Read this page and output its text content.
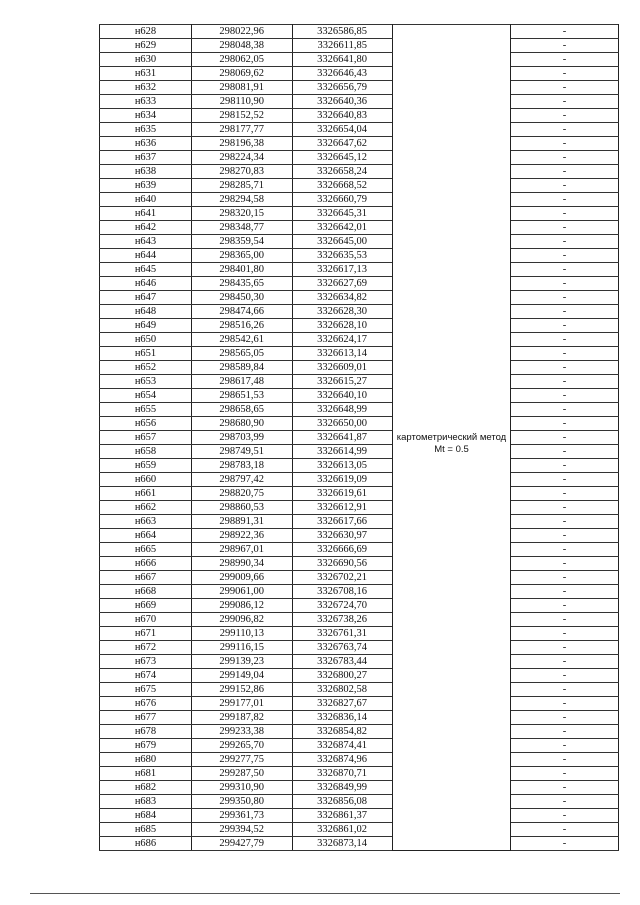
н628	298022,96	3326586,85		-
н629	298048,38	3326611,85	картометрический метод Mt = 0.5	-
н630	298062,05	3326641,80		-
н631	298069,62	3326646,43		-
н632	298081,91	3326656,79		-
н633	298110,90	3326640,36		-
н634	298152,52	3326640,83		-
н635	298177,77	3326654,04		-
н636	298196,38	3326647,62		-
н637	298224,34	3326645,12		-
н638	298270,83	3326658,24		-
н639	298285,71	3326668,52		-
н640	298294,58	3326660,79		-
н641	298320,15	3326645,31		-
н642	298348,77	3326642,01		-
н643	298359,54	3326645,00		-
н644	298365,00	3326635,53		-
н645	298401,80	3326617,13		-
н646	298435,65	3326627,69		-
н647	298450,30	3326634,82		-
н648	298474,66	3326628,30		-
н649	298516,26	3326628,10		-
н650	298542,61	3326624,17		-
н651	298565,05	3326613,14		-
н652	298589,84	3326609,01		-
н653	298617,48	3326615,27		-
н654	298651,53	3326640,10		-
н655	298658,65	3326648,99		-
н656	298680,90	3326650,00		-
н657	298703,99	3326641,87		-
н658	298749,51	3326614,99		-
н659	298783,18	3326613,05		-
н660	298797,42	3326619,09		-
н661	298820,75	3326619,61		-
н662	298860,53	3326612,91		-
н663	298891,31	3326617,66		-
н664	298922,36	3326630,97		-
н665	298967,01	3326666,69		-
н666	298990,34	3326690,56		-
н667	299009,66	3326702,21		-
н668	299061,00	3326708,16		-
н669	299086,12	3326724,70		-
н670	299096,82	3326738,26		-
н671	299110,13	3326761,31		-
н672	299116,15	3326763,74		-
н673	299139,23	3326783,44		-
н674	299149,04	3326800,27		-
н675	299152,86	3326802,58		-
н676	299177,01	3326827,67		-
н677	299187,82	3326836,14		-
н678	299233,38	3326854,82		-
н679	299265,70	3326874,41		-
н680	299277,75	3326874,96		-
н681	299287,50	3326870,71		-
н682	299310,90	3326849,99		-
н683	299350,80	3326856,08		-
н684	299361,73	3326861,37		-
н685	299394,52	3326861,02		-
н686	299427,79	3326873,14		-
